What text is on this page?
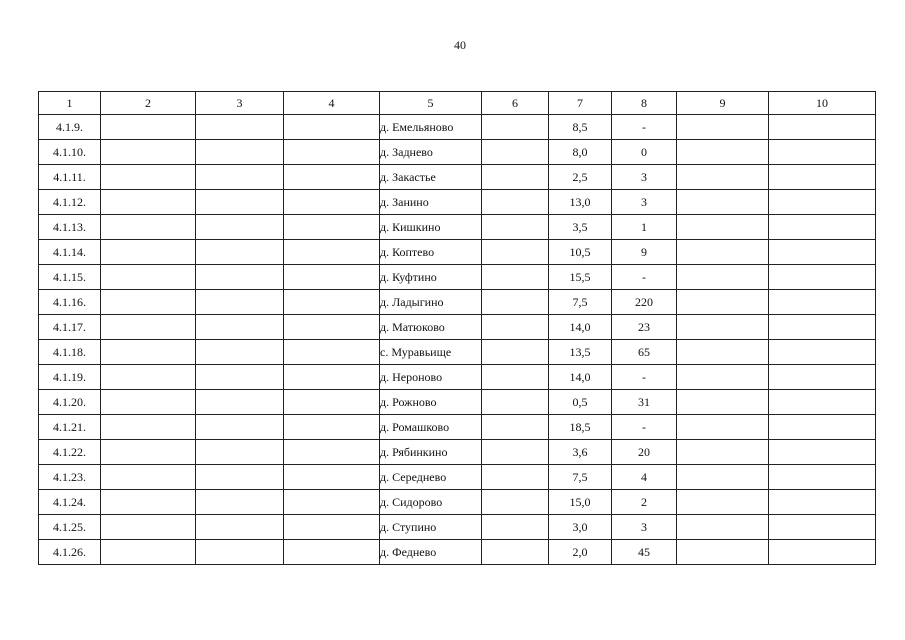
40
1	2	3	4	5	6	7	8	9	10
4.1.9.				д. Емельяново		8,5	-		
4.1.10.				д. Заднево		8,0	0		
4.1.11.				д. Закастье		2,5	3		
4.1.12.				д. Занино		13,0	3		
4.1.13.				д. Кишкино		3,5	1		
4.1.14.				д. Коптево		10,5	9		
4.1.15.				д. Куфтино		15,5	-		
4.1.16.				д. Ладыгино		7,5	220		
4.1.17.				д. Матюково		14,0	23		
4.1.18.				с. Муравьище		13,5	65		
4.1.19.				д. Нероново		14,0	-		
4.1.20.				д. Рожново		0,5	31		
4.1.21.				д. Ромашково		18,5	-		
4.1.22.				д. Рябинкино		3,6	20		
4.1.23.				д. Середнево		7,5	4		
4.1.24.				д. Сидорово		15,0	2		
4.1.25.				д. Ступино		3,0	3		
4.1.26.				д. Феднево		2,0	45		
